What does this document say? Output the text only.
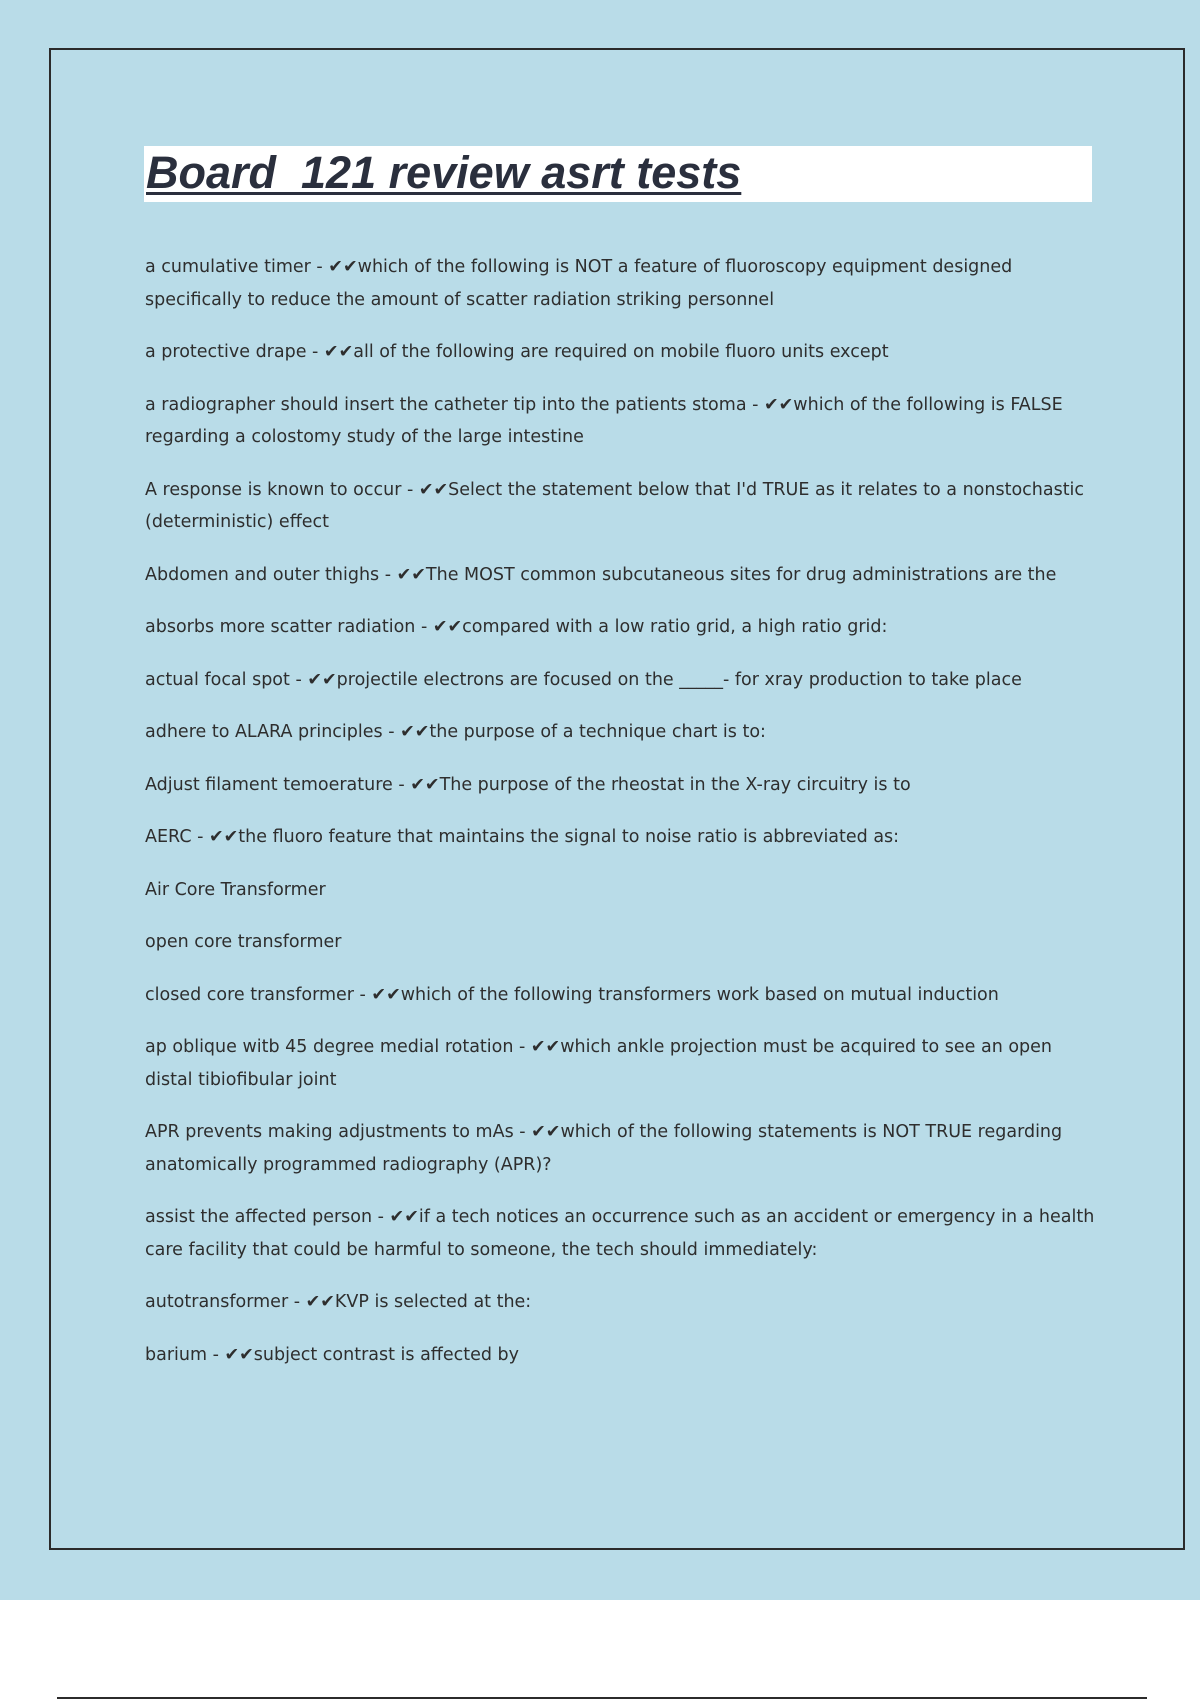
Board  121 review asrt tests

a cumulative timer - ✔✔which of the following is NOT a feature of fluoroscopy equipment designed specifically to reduce the amount of scatter radiation striking personnel

a protective drape - ✔✔all of the following are required on mobile fluoro units except

a radiographer should insert the catheter tip into the patients stoma - ✔✔which of the following is FALSE regarding a colostomy study of the large intestine

A response is known to occur - ✔✔Select the statement below that I'd TRUE as it relates to a nonstochastic (deterministic) effect

Abdomen and outer thighs - ✔✔The MOST common subcutaneous sites for drug administrations are the

absorbs more scatter radiation - ✔✔compared with a low ratio grid, a high ratio grid:

actual focal spot - ✔✔projectile electrons are focused on the _____- for xray production to take place

adhere to ALARA principles - ✔✔the purpose of a technique chart is to:

Adjust filament temoerature - ✔✔The purpose of the rheostat in the X-ray circuitry is to

AERC - ✔✔the fluoro feature that maintains the signal to noise ratio is abbreviated as:

Air Core Transformer

open core transformer

closed core transformer - ✔✔which of the following transformers work based on mutual induction

ap oblique witb 45 degree medial rotation - ✔✔which ankle projection must be acquired to see an open distal tibiofibular joint

APR prevents making adjustments to mAs - ✔✔which of the following statements is NOT TRUE regarding anatomically programmed radiography (APR)?

assist the affected person - ✔✔if a tech notices an occurrence such as an accident or emergency in a health care facility that could be harmful to someone, the tech should immediately:

autotransformer - ✔✔KVP is selected at the:

barium - ✔✔subject contrast is affected by
